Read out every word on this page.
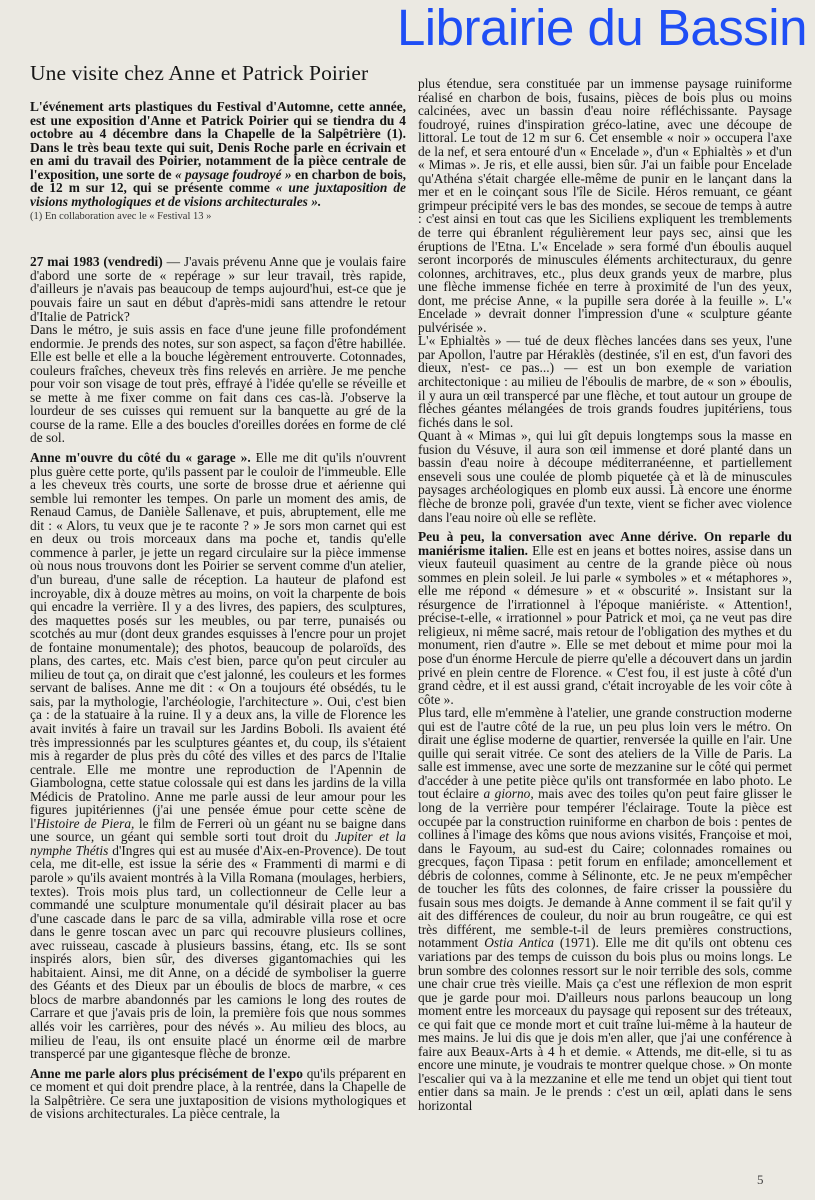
Une visite chez Anne et Patrick Poirier

L'événement arts plastiques du Festival d'Automne, cette année, est une exposition d'Anne et Patrick Poirier qui se tiendra du 4 octobre au 4 décembre dans la Chapelle de la Salpêtrière (1). Dans le très beau texte qui suit, Denis Roche parle en écrivain et en ami du travail des Poirier, notamment de la pièce centrale de l'exposition, une sorte de « paysage foudroyé » en charbon de bois, de 12 m sur 12, qui se présente comme « une juxtaposition de visions mythologiques et de visions architecturales ».

(1) En collaboration avec le « Festival 13 »

27 mai 1983 (vendredi) — J'avais prévenu Anne que je voulais faire d'abord une sorte de « repérage » sur leur travail, très rapide, d'ailleurs je n'avais pas beaucoup de temps aujourd'hui, est-ce que je pouvais faire un saut en début d'après-midi sans attendre le retour d'Italie de Patrick?

Dans le métro, je suis assis en face d'une jeune fille profondément endormie. Je prends des notes, sur son aspect, sa façon d'être habillée. Elle est belle et elle a la bouche légèrement entrouverte. Cotonnades, couleurs fraîches, cheveux très fins relevés en arrière. Je me penche pour voir son visage de tout près, effrayé à l'idée qu'elle se réveille et se mette à me fixer comme on fait dans ces cas-là. J'observe la lourdeur de ses cuisses qui remuent sur la banquette au gré de la course de la rame. Elle a des boucles d'oreilles dorées en forme de clé de sol.

Anne m'ouvre du côté du « garage ». Elle me dit qu'ils n'ouvrent plus guère cette porte, qu'ils passent par le couloir de l'immeuble. Elle a les cheveux très courts, une sorte de brosse drue et aérienne qui semble lui remonter les tempes. On parle un moment des amis, de Renaud Camus, de Danièle Sallenave, et puis, abruptement, elle me dit : « Alors, tu veux que je te raconte ? » Je sors mon carnet qui est en deux ou trois morceaux dans ma poche et, tandis qu'elle commence à parler, je jette un regard circulaire sur la pièce immense où nous nous trouvons dont les Poirier se servent comme d'un atelier, d'un bureau, d'une salle de réception. La hauteur de plafond est incroyable, dix à douze mètres au moins, on voit la charpente de bois qui encadre la verrière. Il y a des livres, des papiers, des sculptures, des maquettes posés sur les meubles, ou par terre, punaisés ou scotchés au mur (dont deux grandes esquisses à l'encre pour un projet de fontaine monumentale); des photos, beaucoup de polaroïds, des plans, des cartes, etc. Mais c'est bien, parce qu'on peut circuler au milieu de tout ça, on dirait que c'est jalonné, les couleurs et les formes servant de balises. Anne me dit : « On a toujours été obsédés, tu le sais, par la mythologie, l'archéologie, l'architecture ». Oui, c'est bien ça : de la statuaire à la ruine. Il y a deux ans, la ville de Florence les avait invités à faire un travail sur les Jardins Boboli. Ils avaient été très impressionnés par les sculptures géantes et, du coup, ils s'étaient mis à regarder de plus près du côté des villes et des parcs de l'Italie centrale. Elle me montre une reproduction de l'Apennin de Giambologna, cette statue colossale qui est dans les jardins de la villa Médicis de Pratolino. Anne me parle aussi de leur amour pour les figures jupitériennes (j'ai une pensée émue pour cette scène de l'Histoire de Piera, le film de Ferreri où un géant nu se baigne dans une source, un géant qui semble sorti tout droit du Jupiter et la nymphe Thétis d'Ingres qui est au musée d'Aix-en-Provence). De tout cela, me dit-elle, est issue la série des « Frammenti di marmi e di parole » qu'ils avaient montrés à la Villa Romana (moulages, herbiers, textes). Trois mois plus tard, un collectionneur de Celle leur a commandé une sculpture monumentale qu'il désirait placer au bas d'une cascade dans le parc de sa villa, admirable villa rose et ocre dans le genre toscan avec un parc qui recouvre plusieurs collines, avec ruisseau, cascade à plusieurs bassins, étang, etc. Ils se sont inspirés alors, bien sûr, des diverses gigantomachies qui les habitaient. Ainsi, me dit Anne, on a décidé de symboliser la guerre des Géants et des Dieux par un éboulis de blocs de marbre, « ces blocs de marbre abandonnés par les camions le long des routes de Carrare et que j'avais pris de loin, la première fois que nous sommes allés voir les carrières, pour des névés ». Au milieu des blocs, au milieu de l'eau, ils ont ensuite placé un énorme œil de marbre transpercé par une gigantesque flèche de bronze.

Anne me parle alors plus précisément de l'expo qu'ils préparent en ce moment et qui doit prendre place, à la rentrée, dans la Chapelle de la Salpêtrière. Ce sera une juxtaposition de visions mythologiques et de visions architecturales. La pièce centrale, la

plus étendue, sera constituée par un immense paysage ruiniforme réalisé en charbon de bois, fusains, pièces de bois plus ou moins calcinées, avec un bassin d'eau noire réfléchissante. Paysage foudroyé, ruines d'inspiration gréco-latine, avec une découpe de littoral. Le tout de 12 m sur 6. Cet ensemble « noir » occupera l'axe de la nef, et sera entouré d'un « Encelade », d'un « Ephialtès » et d'un « Mimas ». Je ris, et elle aussi, bien sûr. J'ai un faible pour Encelade qu'Athéna s'était chargée elle-même de punir en le lançant dans la mer et en le coinçant sous l'île de Sicile. Héros remuant, ce géant grimpeur précipité vers le bas des mondes, se secoue de temps à autre : c'est ainsi en tout cas que les Siciliens expliquent les tremblements de terre qui ébranlent régulièrement leur pays sec, ainsi que les éruptions de l'Etna. L'« Encelade » sera formé d'un éboulis auquel seront incorporés de minuscules éléments architecturaux, du genre colonnes, architraves, etc., plus deux grands yeux de marbre, plus une flèche immense fichée en terre à proximité de l'un des yeux, dont, me précise Anne, « la pupille sera dorée à la feuille ». L'« Encelade » devrait donner l'impression d'une « sculpture géante pulvérisée ».

L'« Ephialtès » — tué de deux flèches lancées dans ses yeux, l'une par Apollon, l'autre par Héraklès (destinée, s'il en est, d'un favori des dieux, n'est- ce pas...) — est un bon exemple de variation architectonique : au milieu de l'éboulis de marbre, de « son » éboulis, il y aura un œil transpercé par une flèche, et tout autour un groupe de flèches géantes mélangées de trois grands foudres jupitériens, tous fichés dans le sol.

Quant à « Mimas », qui lui gît depuis longtemps sous la masse en fusion du Vésuve, il aura son œil immense et doré planté dans un bassin d'eau noire à découpe méditerranéenne, et partiellement enseveli sous une coulée de plomb piquetée çà et là de minuscules paysages archéologiques en plomb eux aussi. Là encore une énorme flèche de bronze poli, gravée d'un texte, vient se ficher avec violence dans l'eau noire où elle se reflète.

Peu à peu, la conversation avec Anne dérive. On reparle du maniérisme italien. Elle est en jeans et bottes noires, assise dans un vieux fauteuil quasiment au centre de la grande pièce où nous sommes en plein soleil. Je lui parle « symboles » et « métaphores », elle me répond « démesure » et « obscurité ». Insistant sur la résurgence de l'irrationnel à l'époque maniériste. « Attention!, précise-t-elle, « irrationnel » pour Patrick et moi, ça ne veut pas dire religieux, ni même sacré, mais retour de l'obligation des mythes et du monument, rien d'autre ». Elle se met debout et mime pour moi la pose d'un énorme Hercule de pierre qu'elle a découvert dans un jardin privé en plein centre de Florence. « C'est fou, il est juste à côté d'un grand cèdre, et il est aussi grand, c'était incroyable de les voir côte à côte ».

Plus tard, elle m'emmène à l'atelier, une grande construction moderne qui est de l'autre côté de la rue, un peu plus loin vers le métro. On dirait une église moderne de quartier, renversée la quille en l'air. Une quille qui serait vitrée. Ce sont des ateliers de la Ville de Paris. La salle est immense, avec une sorte de mezzanine sur le côté qui permet d'accéder à une petite pièce qu'ils ont transformée en labo photo. Le tout éclaire a giorno, mais avec des toiles qu'on peut faire glisser le long de la verrière pour tempérer l'éclairage. Toute la pièce est occupée par la construction ruiniforme en charbon de bois : pentes de collines à l'image des kôms que nous avions visités, Françoise et moi, dans le Fayoum, au sud-est du Caire; colonnades romaines ou grecques, façon Tipasa : petit forum en enfilade; amoncellement et débris de colonnes, comme à Sélinonte, etc. Je ne peux m'empêcher de toucher les fûts des colonnes, de faire crisser la poussière du fusain sous mes doigts. Je demande à Anne comment il se fait qu'il y ait des différences de couleur, du noir au brun rougeâtre, ce qui est très différent, me semble-t-il de leurs premières constructions, notamment Ostia Antica (1971). Elle me dit qu'ils ont obtenu ces variations par des temps de cuisson du bois plus ou moins longs. Le brun sombre des colonnes ressort sur le noir terrible des sols, comme une chair crue très vieille. Mais ça c'est une réflexion de mon esprit que je garde pour moi. D'ailleurs nous parlons beaucoup un long moment entre les morceaux du paysage qui reposent sur des tréteaux, ce qui fait que ce monde mort et cuit traîne lui-même à la hauteur de mes mains. Je lui dis que je dois m'en aller, que j'ai une conférence à faire aux Beaux-Arts à 4 h et demie. « Attends, me dit-elle, si tu as encore une minute, je voudrais te montrer quelque chose. » On monte l'escalier qui va à la mezzanine et elle me tend un objet qui tient tout entier dans sa main. Je le prends : c'est un œil, aplati dans le sens horizontal

Librairie du Bassin
5
